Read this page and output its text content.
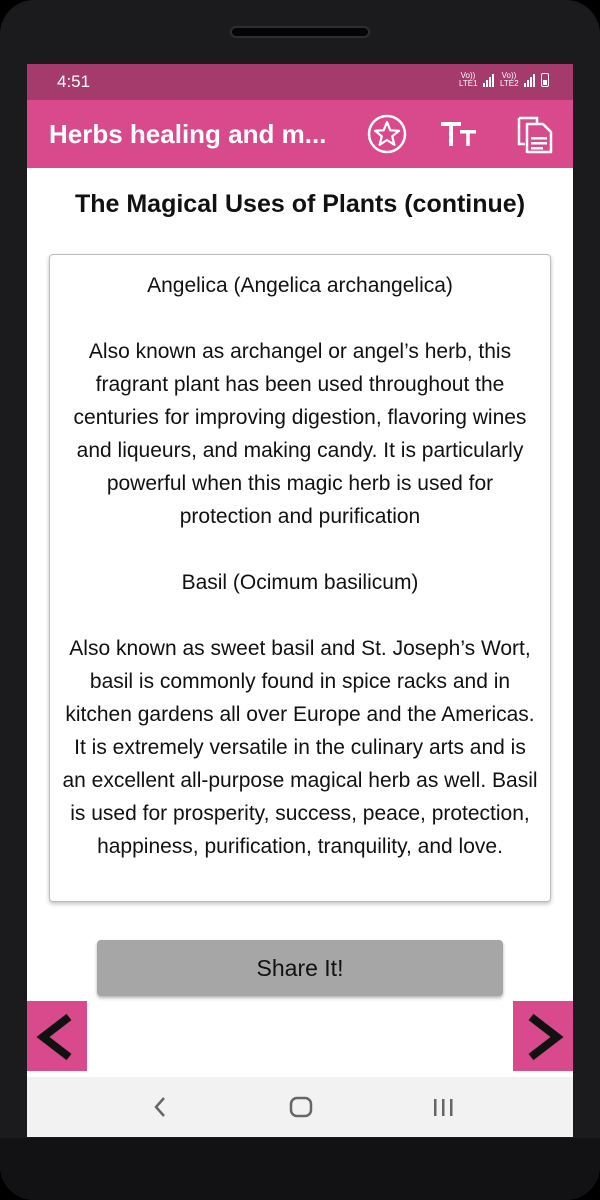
4:51	Vo)) LTE1
Vo)) LTE2
Herbs healing and m...
The Magical Uses of Plants (continue)

Angelica (Angelica archangelica)

Also known as archangel or angel’s herb, this fragrant plant has been used throughout the centuries for improving digestion, flavoring wines and liqueurs, and making candy. It is particularly powerful when this magic herb is used for protection and purification

Basil (Ocimum basilicum)

Also known as sweet basil and St. Joseph’s Wort, basil is commonly found in spice racks and in kitchen gardens all over Europe and the Americas. It is extremely versatile in the culinary arts and is an excellent all-purpose magical herb as well. Basil is used for prosperity, success, peace, protection, happiness, purification, tranquility, and love.

Share It!
